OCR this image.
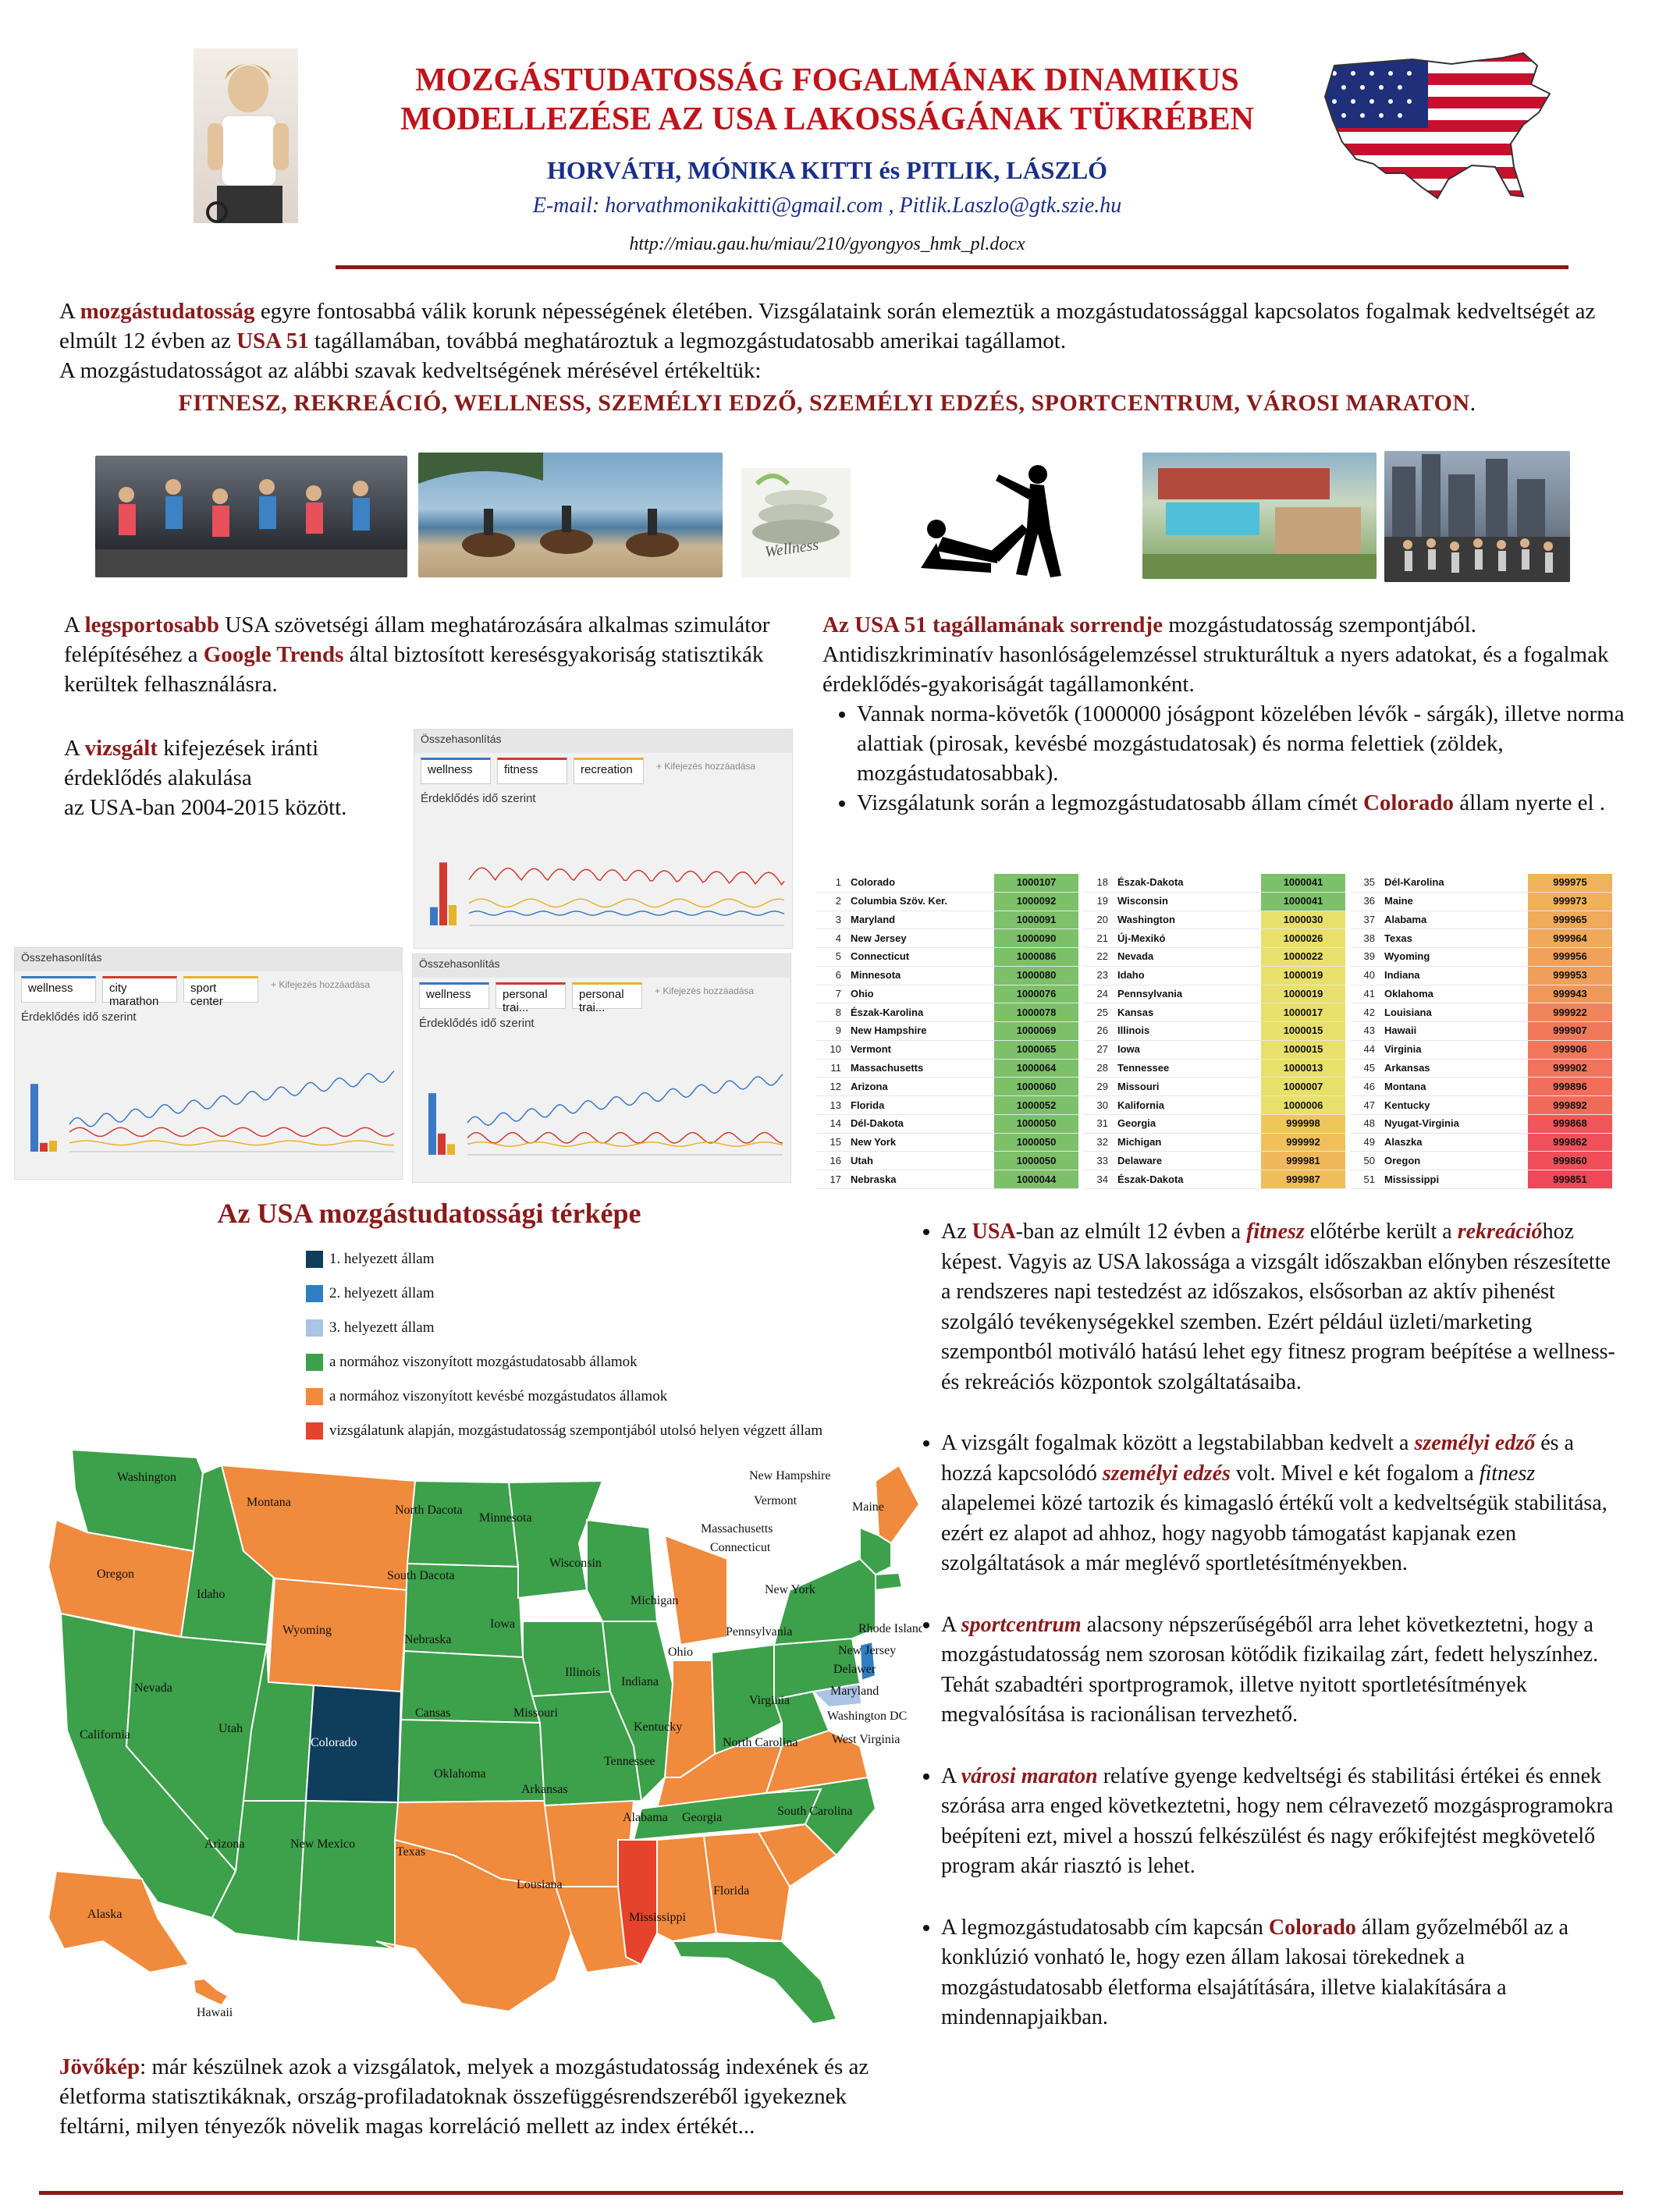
MOZGÁSTUDATOSSÁG FOGALMÁNAK DINAMIKUS
MODELLEZÉSE AZ USA LAKOSSÁGÁNAK TÜKRÉBEN
HORVÁTH, MÓNIKA KITTI és PITLIK, LÁSZLÓ
E-mail: horvathmonikakitti@gmail.com , Pitlik.Laszlo@gtk.szie.hu
http://miau.gau.hu/miau/210/gyongyos_hmk_pl.docx
A mozgástudatosság egyre fontosabbá válik korunk népességének életében. Vizsgálataink során elemeztük a mozgástudatossággal kapcsolatos fogalmak kedveltségét az elmúlt 12 évben az USA 51 tagállamában, továbbá meghatároztuk a legmozgástudatosabb amerikai tagállamot.
A mozgástudatosságot az alábbi szavak kedveltségének mérésével értékeltük:
FITNESZ, REKREÁCIÓ, WELLNESS, SZEMÉLYI EDZŐ, SZEMÉLYI EDZÉS, SPORTCENTRUM, VÁROSI MARATON.
Wellness
A legsportosabb USA szövetségi állam meghatározására alkalmas szimulátor felépítéséhez a Google Trends által biztosított keresésgyakoriság statisztikák kerültek felhasználásra.
A vizsgált kifejezések iránti
érdeklődés alakulása
az USA-ban 2004-2015 között.
Összehasonlítás
wellness	fitness	recreation	+ Kifejezés hozzáadása
Érdeklődés idő szerint
Összehasonlítás
wellness	city marathon
sport center
+ Kifejezés hozzáadása
Érdeklődés idő szerint
Összehasonlítás
wellness	personal trai...
personal trai...
+ Kifejezés hozzáadása
Érdeklődés idő szerint
Az USA 51 tagállamának sorrendje mozgástudatosság szempontjából.
Antidiszkriminatív hasonlóságelemzéssel strukturáltuk a nyers adatokat, és a fogalmak érdeklődés-gyakoriságát tagállamonként.
• Vannak norma-követők (1000000 jóságpont közelében lévők - sárgák), illetve norma alattiak (pirosak, kevésbé mozgástudatosak) és norma felettiek (zöldek, mozgástudatosabbak).
• Vizsgálatunk során a legmozgástudatosabb állam címét Colorado állam nyerte el .
1	Colorado	1000107
2	Columbia Szöv. Ker.	1000092
3	Maryland	1000091
4	New Jersey	1000090
5	Connecticut	1000086
6	Minnesota	1000080
7	Ohio	1000076
8	Észak-Karolina	1000078
9	New Hampshire	1000069
10	Vermont	1000065
11	Massachusetts	1000064
12	Arizona	1000060
13	Florida	1000052
14	Dél-Dakota	1000050
15	New York	1000050
16	Utah	1000050
17	Nebraska	1000044
18	Észak-Dakota	1000041
19	Wisconsin	1000041
20	Washington	1000030
21	Új-Mexikó	1000026
22	Nevada	1000022
23	Idaho	1000019
24	Pennsylvania	1000019
25	Kansas	1000017
26	Illinois	1000015
27	Iowa	1000015
28	Tennessee	1000013
29	Missouri	1000007
30	Kalifornia	1000006
31	Georgia	999998
32	Michigan	999992
33	Delaware	999981
34	Észak-Dakota	999987
35	Dél-Karolina	999975
36	Maine	999973
37	Alabama	999965
38	Texas	999964
39	Wyoming	999956
40	Indiana	999953
41	Oklahoma	999943
42	Louisiana	999922
43	Hawaii	999907
44	Virginia	999906
45	Arkansas	999902
46	Montana	999896
47	Kentucky	999892
48	Nyugat-Virginia	999868
49	Alaszka	999862
50	Oregon	999860
51	Mississippi	999851
Az USA mozgástudatossági térképe
1. helyezett állam
2. helyezett állam
3. helyezett állam
a normához viszonyított mozgástudatosabb államok
a normához viszonyított kevésbé mozgástudatos államok
vizsgálatunk alapján, mozgástudatosság szempontjából utolsó helyen végzett állam
Washington
Oregon
California
Idaho
Nevada
Montana
Wyoming
Utah
Colorado
Arizona	New Mexico
North Dacota
South Dacota
Nebraska
Cansas
Oklahoma
Texas
Minnesota
Iowa
Missouri
Arkansas
Lousiana
Wisconsin
Illinois
Michigan
Indiana
Ohio
Kentucky
Tennessee
Mississippi
Alabama Georgia
Florida
South Carolina
North Carolina
Virginia
West Virginia
Pennsylvania
New York
Maine
New Hampshire
Vermont
Massachusetts
Connecticut
Rhode Island
New Jersey
Delawer
Maryland
Washington DC
Alaska
Hawaii
• Az USA-ban az elmúlt 12 évben a fitnesz előtérbe került a rekreációhoz képest. Vagyis az USA lakossága a vizsgált időszakban előnyben részesítette a rendszeres napi testedzést az időszakos, elsősorban az aktív pihenést szolgáló tevékenységekkel szemben. Ezért például üzleti/marketing szempontból motiváló hatású lehet egy fitnesz program beépítése a wellness- és rekreációs központok szolgáltatásaiba.
• A vizsgált fogalmak között a legstabilabban kedvelt a személyi edző és a hozzá kapcsolódó személyi edzés volt. Mivel e két fogalom a fitnesz alapelemei közé tartozik és kimagasló értékű volt a kedveltségük stabilitása, ezért ez alapot ad ahhoz, hogy nagyobb támogatást kapjanak ezen szolgáltatások a már meglévő sportletésítményekben.
• A sportcentrum alacsony népszerűségéből arra lehet következtetni, hogy a mozgástudatosság nem szorosan kötődik fizikailag zárt, fedett helyszínhez. Tehát szabadtéri sportprogramok, illetve nyitott sportletésítmények megvalósítása is racionálisan tervezhető.
• A városi maraton relatíve gyenge kedveltségi és stabilitási értékei és ennek szórása arra enged következtetni, hogy nem célravezető mozgásprogramokra beépíteni ezt, mivel a hosszú felkészülést és nagy erőkifejtést megkövetelő program akár riasztó is lehet.
• A legmozgástudatosabb cím kapcsán Colorado állam győzelméből az a konklúzió vonható le, hogy ezen állam lakosai törekednek a mozgástudatosabb életforma elsajátítására, illetve kialakítására a mindennapjaikban.
Jövőkép: már készülnek azok a vizsgálatok, melyek a mozgástudatosság indexének és az életforma statisztikáknak, ország-profiladatoknak összefüggésrendszeréből igyekeznek feltárni, milyen tényezők növelik magas korreláció mellett az index értékét...
